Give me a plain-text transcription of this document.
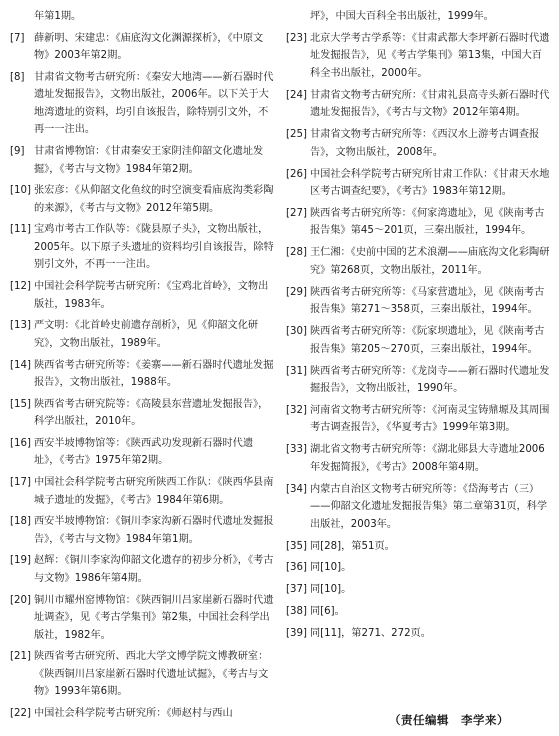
年第1期。
[7] 薛新明、宋建忠：《庙底沟文化渊源探析》，《中原文物》2003年第2期。
[8] 甘肃省文物考古研究所：《秦安大地湾——新石器时代遗址发掘报告》，文物出版社，2006年。以下关于大地湾遗址的资料，均引自该报告，除特别引文外，不再一一注出。
[9] 甘肃省博物馆：《甘肃秦安王家阴洼仰韶文化遗址发掘》，《考古与文物》1984年第2期。
[10] 张宏彦：《从仰韶文化鱼纹的时空演变看庙底沟类彩陶的来源》，《考古与文物》2012年第5期。
[11] 宝鸡市考古工作队等：《陇县原子头》，文物出版社，2005年。以下原子头遗址的资料均引自该报告，除特别引文外，不再一一注出。
[12] 中国社会科学院考古研究所：《宝鸡北首岭》，文物出版社，1983年。
[13] 严文明：《北首岭史前遗存剖析》，见《仰韶文化研究》，文物出版社，1989年。
[14] 陕西省考古研究所等：《姜寨——新石器时代遗址发掘报告》，文物出版社，1988年。
[15] 陕西省考古研究院等：《高陵县东营遗址发掘报告》，科学出版社，2010年。
[16] 西安半坡博物馆等：《陕西武功发现新石器时代遗址》，《考古》1975年第2期。
[17] 中国社会科学院考古研究所陕西工作队：《陕西华县南城子遗址的发掘》，《考古》1984年第6期。
[18] 西安半坡博物馆：《铜川李家沟新石器时代遗址发掘报告》，《考古与文物》1984年第1期。
[19] 赵辉：《铜川李家沟仰韶文化遗存的初步分析》，《考古与文物》1986年第4期。
[20] 铜川市耀州窑博物馆：《陕西铜川吕家崖新石器时代遗址调查》，见《考古学集刊》第2集，中国社会科学出版社，1982年。
[21] 陕西省考古研究所、西北大学文博学院文博教研室：《陕西铜川吕家崖新石器时代遗址试掘》，《考古与文物》1993年第6期。
[22] 中国社会科学院考古研究所：《师赵村与西山
坪》，中国大百科全书出版社，1999年。
[23] 北京大学考古学系等：《甘肃武都大李坪新石器时代遗址发掘报告》，见《考古学集刊》第13集，中国大百科全书出版社，2000年。
[24] 甘肃省文物考古研究所：《甘肃礼县高寺头新石器时代遗址发掘报告》，《考古与文物》2012年第4期。
[25] 甘肃省文物考古研究所等：《西汉水上游考古调查报告》，文物出版社，2008年。
[26] 中国社会科学院考古研究所甘肃工作队：《甘肃天水地区考古调查纪要》，《考古》1983年第12期。
[27] 陕西省考古研究所等：《何家湾遗址》，见《陕南考古报告集》第45～201页，三秦出版社，1994年。
[28] 王仁湘：《史前中国的艺术浪潮——庙底沟文化彩陶研究》第268页，文物出版社，2011年。
[29] 陕西省考古研究所等：《马家营遗址》，见《陕南考古报告集》第271～358页，三秦出版社，1994年。
[30] 陕西省考古研究所等：《阮家坝遗址》，见《陕南考古报告集》第205～270页，三秦出版社，1994年。
[31] 陕西省考古研究所等：《龙岗寺——新石器时代遗址发掘报告》，文物出版社，1990年。
[32] 河南省文物考古研究所等：《河南灵宝铸鼎塬及其周围考古调查报告》，《华夏考古》1999年第3期。
[33] 湖北省文物考古研究所等：《湖北郧县大寺遗址2006年发掘简报》，《考古》2008年第4期。
[34] 内蒙古自治区文物考古研究所等：《岱海考古（三）——仰韶文化遗址发掘报告集》第二章第31页，科学出版社，2003年。
[35] 同[28]，第51页。
[36] 同[10]。
[37] 同[10]。
[38] 同[6]。
[39] 同[11]，第271、272页。
（责任编辑　李学来）
